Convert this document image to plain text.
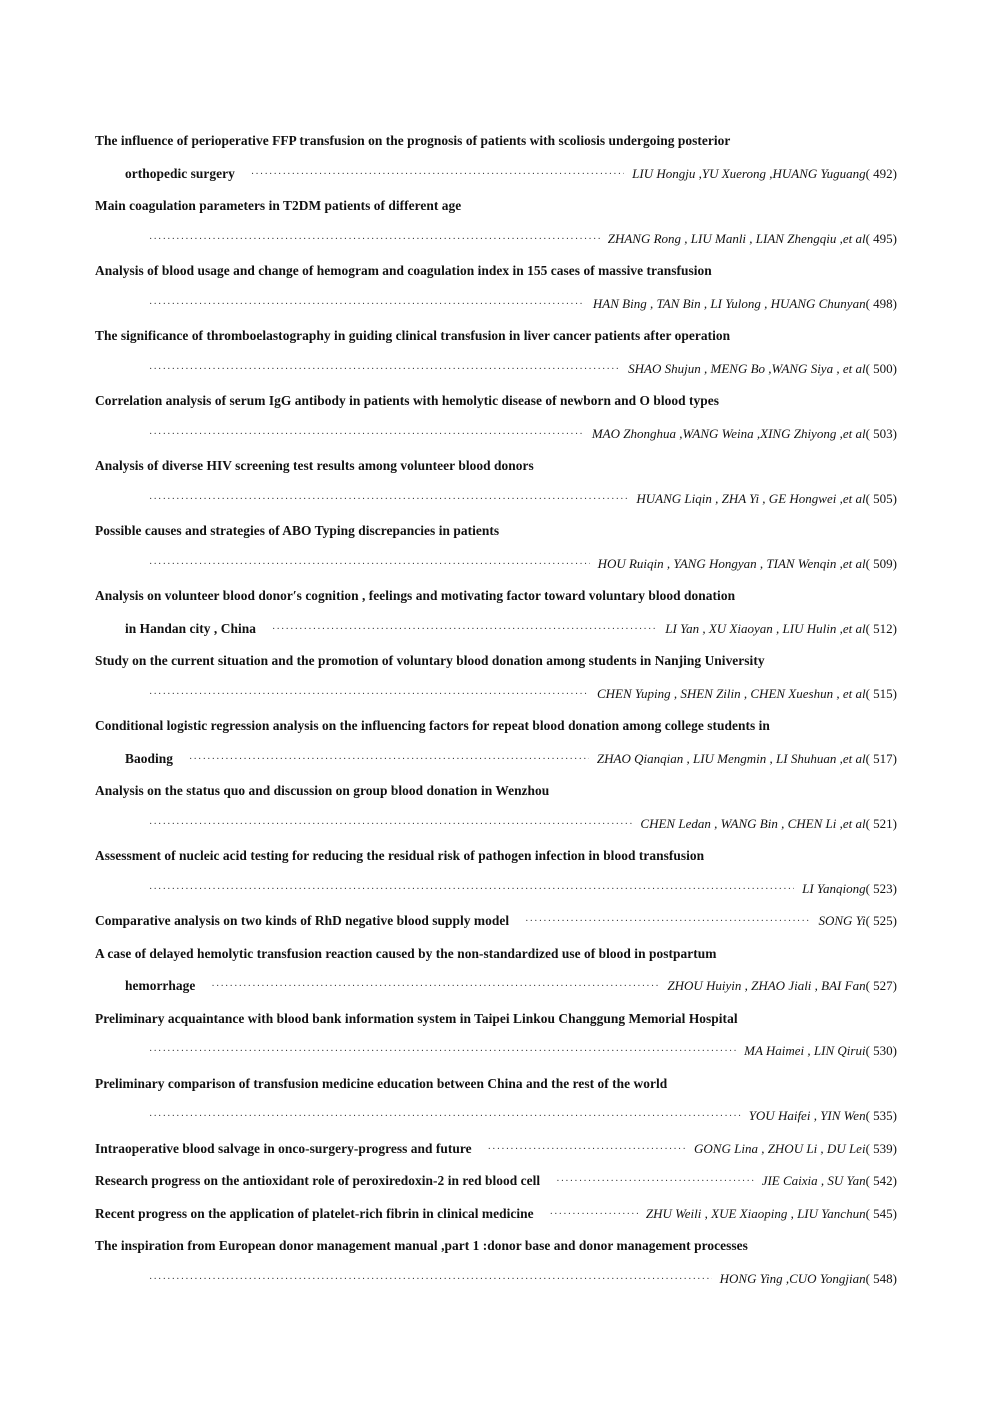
The influence of perioperative FFP transfusion on the prognosis of patients with scoliosis undergoing posterior
orthopedic surgery ·····	LIU Hongju ,YU Xuerong ,HUANG Yuguang ( 492)
Main coagulation parameters in T2DM patients of different age
·····
ZHANG Rong , LIU Manli , LIAN Zhengqiu ,et al ( 495)
Analysis of blood usage and change of hemogram and coagulation index in 155 cases of massive transfusion
·····
HAN Bing , TAN Bin , LI Yulong , HUANG Chunyan ( 498)
The significance of thromboelastography in guiding clinical transfusion in liver cancer patients after operation
·····
SHAO Shujun , MENG Bo ,WANG Siya , et al ( 500)
Correlation analysis of serum IgG antibody in patients with hemolytic disease of newborn and O blood types
·····
MAO Zhonghua ,WANG Weina ,XING Zhiyong ,et al ( 503)
Analysis of diverse HIV screening test results among volunteer blood donors
·····
HUANG Liqin , ZHA Yi , GE Hongwei ,et al ( 505)
Possible causes and strategies of ABO Typing discrepancies in patients
·····
HOU Ruiqin , YANG Hongyan , TIAN Wenqin ,et al ( 509)
Analysis on volunteer blood donor′s cognition , feelings and motivating factor toward voluntary blood donation
in Handan city , China ·····	LI Yan , XU Xiaoyan , LIU Hulin ,et al ( 512)
Study on the current situation and the promotion of voluntary blood donation among students in Nanjing University
·····
CHEN Yuping , SHEN Zilin , CHEN Xueshun , et al ( 515)
Conditional logistic regression analysis on the influencing factors for repeat blood donation among college students in
Baoding ·····	ZHAO Qianqian , LIU Mengmin , LI Shuhuan ,et al ( 517)
Analysis on the status quo and discussion on group blood donation in Wenzhou
·····
CHEN Ledan , WANG Bin , CHEN Li ,et al ( 521)
Assessment of nucleic acid testing for reducing the residual risk of pathogen infection in blood transfusion
·····
LI Yanqiong ( 523)
Comparative analysis on two kinds of RhD negative blood supply model ·····	SONG Yi ( 525)
A case of delayed hemolytic transfusion reaction caused by the non-standardized use of blood in postpartum
hemorrhage ·····	ZHOU Huiyin , ZHAO Jiali , BAI Fan ( 527)
Preliminary acquaintance with blood bank information system in Taipei Linkou Changgung Memorial Hospital
·····
MA Haimei , LIN Qirui ( 530)
Preliminary comparison of transfusion medicine education between China and the rest of the world
·····
YOU Haifei , YIN Wen ( 535)
Intraoperative blood salvage in onco-surgery-progress and future ·····	GONG Lina , ZHOU Li , DU Lei ( 539)
Research progress on the antioxidant role of peroxiredoxin-2 in red blood cell ·····	JIE Caixia , SU Yan ( 542)
Recent progress on the application of platelet-rich fibrin in clinical medicine ·····	ZHU Weili , XUE Xiaoping , LIU Yanchun ( 545)
The inspiration from European donor management manual ,part 1 :donor base and donor management processes
·····
HONG Ying ,CUO Yongjian ( 548)
